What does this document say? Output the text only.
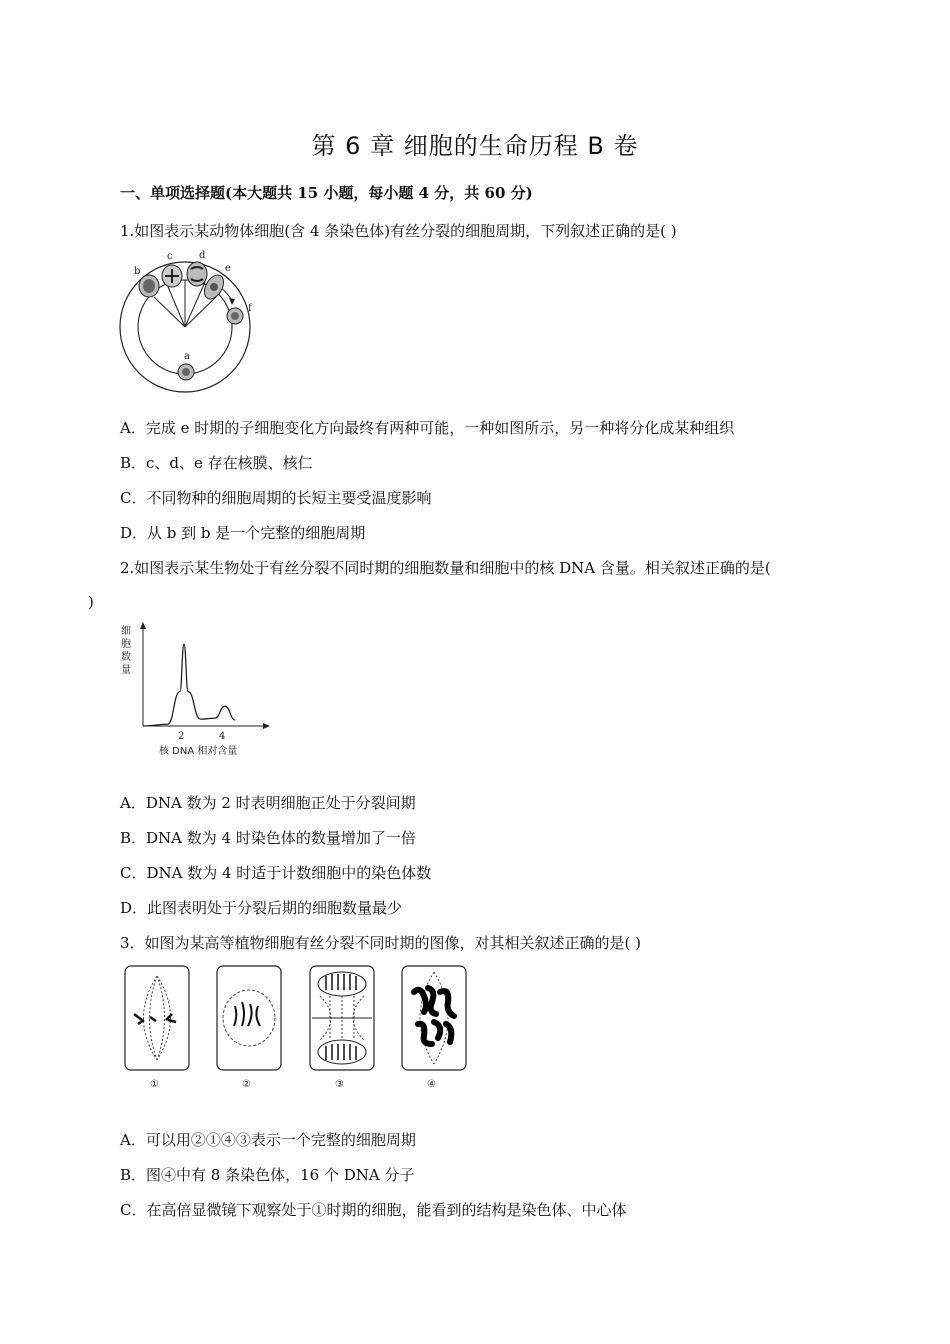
第 6 章 细胞的生命历程 B 卷
一、单项选择题(本大题共 15 小题，每小题 4 分，共 60 分)
1.如图表示某动物体细胞(含 4 条染色体)有丝分裂的细胞周期，下列叙述正确的是( )
a
b
c	d
e
f
A．完成 e 时期的子细胞变化方向最终有两种可能，一种如图所示，另一种将分化成某种组织
B．c、d、e 存在核膜、核仁
C．不同物种的细胞周期的长短主要受温度影响
D．从 b 到 b 是一个完整的细胞周期
2.如图表示某生物处于有丝分裂不同时期的细胞数量和细胞中的核 DNA 含量。相关叙述正确的是(
)
2	4
核 DNA 相对含量
细
胞
数
量
A．DNA 数为 2 时表明细胞正处于分裂间期
B．DNA 数为 4 时染色体的数量增加了一倍
C．DNA 数为 4 时适于计数细胞中的染色体数
D．此图表明处于分裂后期的细胞数量最少
3．如图为某高等植物细胞有丝分裂不同时期的图像，对其相关叙述正确的是( )
①	②	③	④
A．可以用②①④③表示一个完整的细胞周期
B．图④中有 8 条染色体，16 个 DNA 分子
C．在高倍显微镜下观察处于①时期的细胞，能看到的结构是染色体、中心体
